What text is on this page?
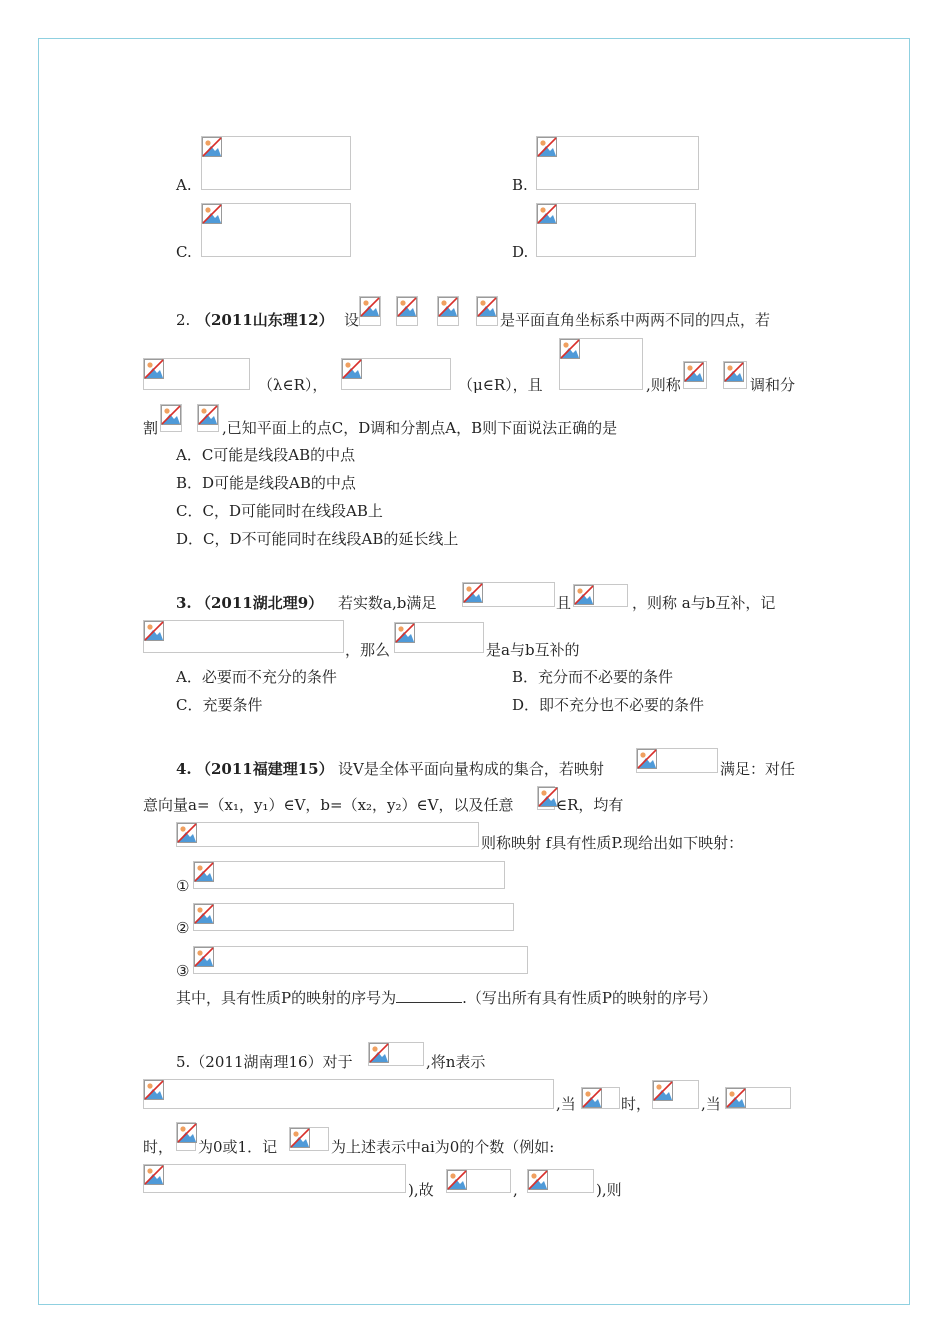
A.	B.
C.	D.
2. （2011山东理12） 设	是平面直角坐标系中两两不同的四点，若
（λ∈R），	（μ∈R），且	,则称	调和分
割	,已知平面上的点C，D调和分割点A，B则下面说法正确的是
A．C可能是线段AB的中点
B．D可能是线段AB的中点
C．C，D可能同时在线段AB上
D．C，D不可能同时在线段AB的延长线上
3. （2011湖北理9） 若实数a,b满足	且	，则称 a与b互补，记
，那么	是a与b互补的
A．必要而不充分的条件	B．充分而不必要的条件
C．充要条件	D．即不充分也不必要的条件
4. （2011福建理15） 设V是全体平面向量构成的集合，若映射	满足：对任
意向量a=（x₁，y₁）∈V，b=（x₂，y₂）∈V，以及任意	∈R，均有
则称映射 f具有性质P.现给出如下映射：
①
②
③
其中，具有性质P的映射的序号为	.（写出所有具有性质P的映射的序号）
5.（2011湖南理16）对于	,将n表示
,当	时，	,当
时， 为0或1．记	为上述表示中ai为0的个数（例如:
),故	,	),则
